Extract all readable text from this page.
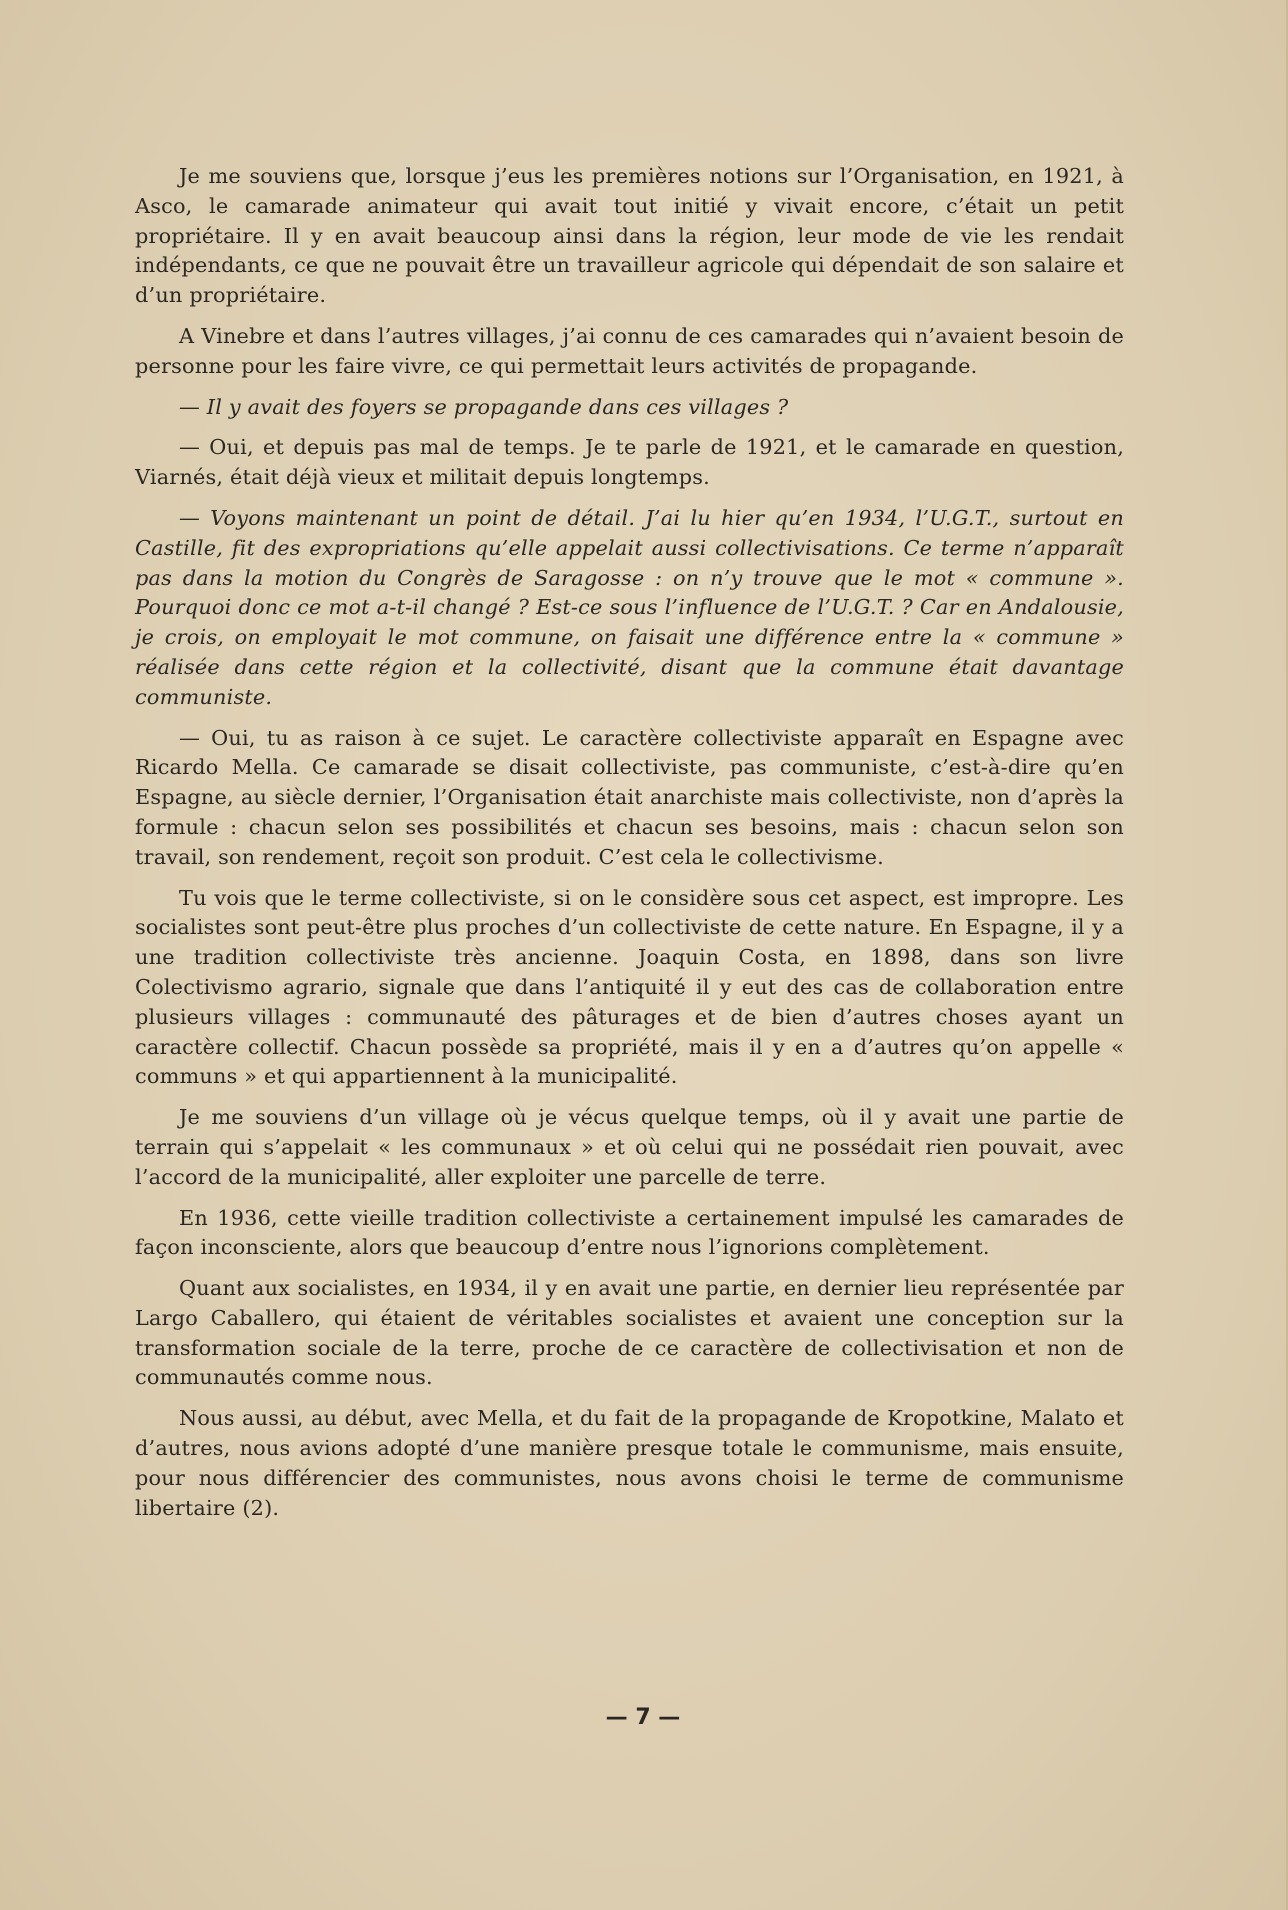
Je me souviens que, lorsque j’eus les premières notions sur l’Organisation, en 1921, à Asco, le camarade animateur qui avait tout initié y vivait encore, c’était un petit propriétaire. Il y en avait beaucoup ainsi dans la région, leur mode de vie les rendait indépendants, ce que ne pouvait être un travailleur agricole qui dépendait de son salaire et d’un propriétaire.

A Vinebre et dans l’autres villages, j’ai connu de ces camarades qui n’avaient besoin de personne pour les faire vivre, ce qui permettait leurs activités de propagande.

— Il y avait des foyers se propagande dans ces villages ?

— Oui, et depuis pas mal de temps. Je te parle de 1921, et le camarade en question, Viarnés, était déjà vieux et militait depuis longtemps.

— Voyons maintenant un point de détail. J’ai lu hier qu’en 1934, l’U.G.T., surtout en Castille, fit des expropriations qu’elle appelait aussi collectivisations. Ce terme n’apparaît pas dans la motion du Congrès de Saragosse : on n’y trouve que le mot « commune ». Pourquoi donc ce mot a-t-il changé ? Est-ce sous l’influence de l’U.G.T. ? Car en Andalousie, je crois, on employait le mot commune, on faisait une différence entre la « commune » réalisée dans cette région et la collectivité, disant que la commune était davantage communiste.

— Oui, tu as raison à ce sujet. Le caractère collectiviste apparaît en Espagne avec Ricardo Mella. Ce camarade se disait collectiviste, pas communiste, c’est-à-dire qu’en Espagne, au siècle dernier, l’Organisation était anarchiste mais collectiviste, non d’après la formule : chacun selon ses possibilités et chacun ses besoins, mais : chacun selon son travail, son rendement, reçoit son produit. C’est cela le collectivisme.

Tu vois que le terme collectiviste, si on le considère sous cet aspect, est impropre. Les socialistes sont peut-être plus proches d’un collectiviste de cette nature. En Espagne, il y a une tradition collectiviste très ancienne. Joaquin Costa, en 1898, dans son livre Colectivismo agrario, signale que dans l’antiquité il y eut des cas de collaboration entre plusieurs villages : communauté des pâturages et de bien d’autres choses ayant un caractère collectif. Chacun possède sa propriété, mais il y en a d’autres qu’on appelle « communs » et qui appartiennent à la municipalité.

Je me souviens d’un village où je vécus quelque temps, où il y avait une partie de terrain qui s’appelait « les communaux » et où celui qui ne possédait rien pouvait, avec l’accord de la municipalité, aller exploiter une parcelle de terre.

En 1936, cette vieille tradition collectiviste a certainement impulsé les camarades de façon inconsciente, alors que beaucoup d’entre nous l’ignorions complètement.

Quant aux socialistes, en 1934, il y en avait une partie, en dernier lieu représentée par Largo Caballero, qui étaient de véritables socialistes et avaient une conception sur la transformation sociale de la terre, proche de ce caractère de collectivisation et non de communautés comme nous.

Nous aussi, au début, avec Mella, et du fait de la propagande de Kropotkine, Malato et d’autres, nous avions adopté d’une manière presque totale le communisme, mais ensuite, pour nous différencier des communistes, nous avons choisi le terme de communisme libertaire (2).

— 7 —
